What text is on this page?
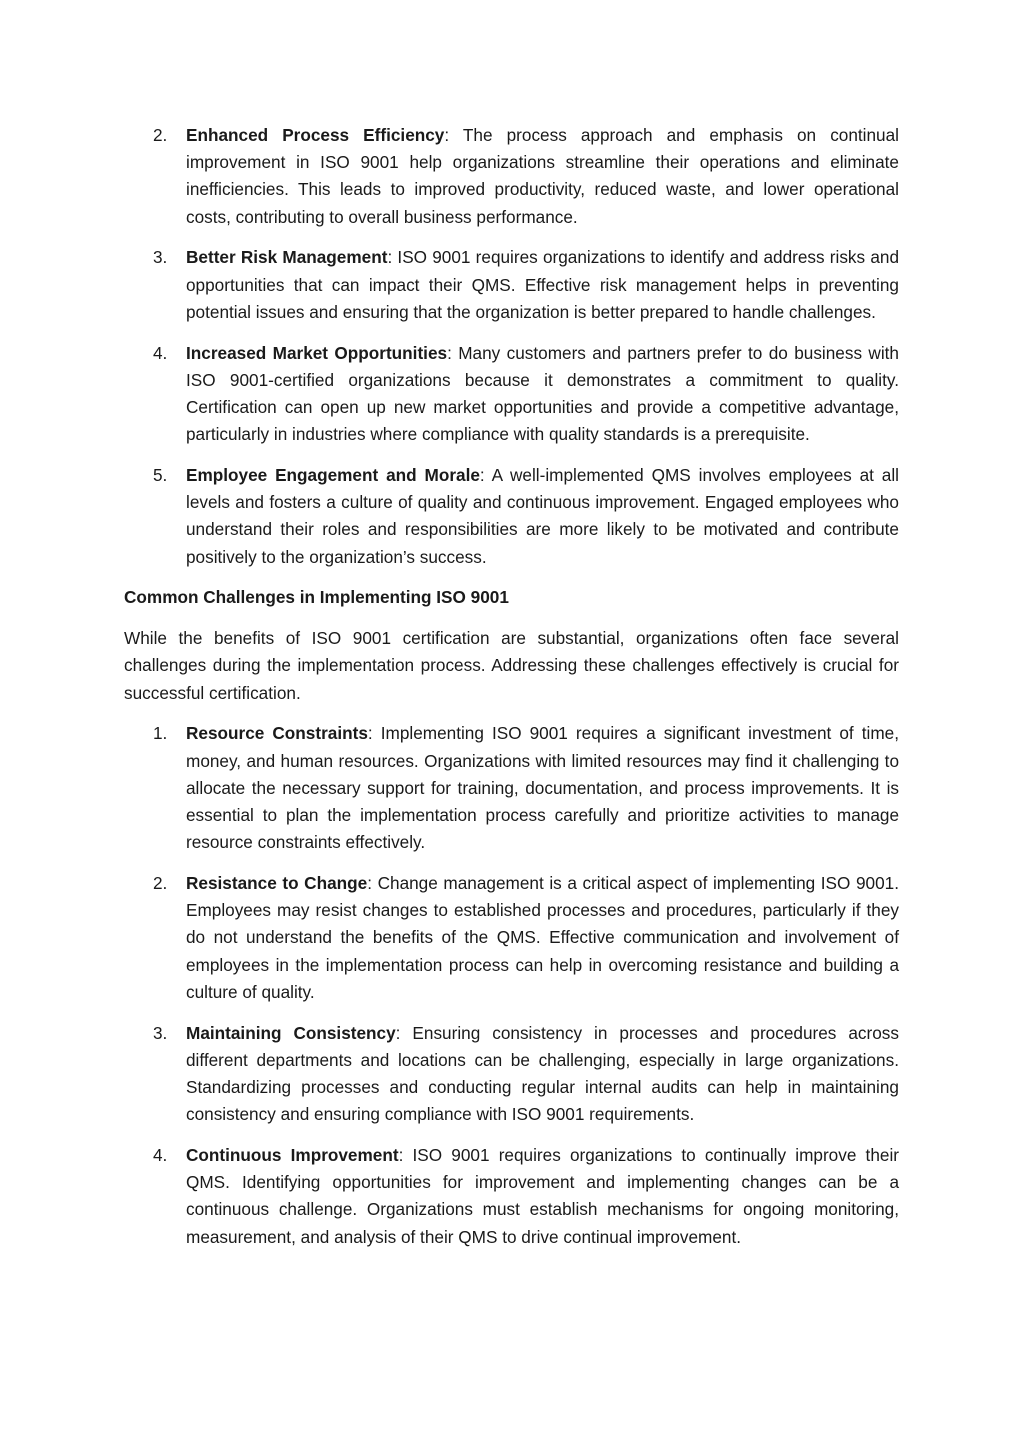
2.	Enhanced Process Efficiency: The process approach and emphasis on continual improvement in ISO 9001 help organizations streamline their operations and eliminate inefficiencies. This leads to improved productivity, reduced waste, and lower operational costs, contributing to overall business performance.
3.	Better Risk Management: ISO 9001 requires organizations to identify and address risks and opportunities that can impact their QMS. Effective risk management helps in preventing potential issues and ensuring that the organization is better prepared to handle challenges.
4.	Increased Market Opportunities: Many customers and partners prefer to do business with ISO 9001-certified organizations because it demonstrates a commitment to quality. Certification can open up new market opportunities and provide a competitive advantage, particularly in industries where compliance with quality standards is a prerequisite.
5.	Employee Engagement and Morale: A well-implemented QMS involves employees at all levels and fosters a culture of quality and continuous improvement. Engaged employees who understand their roles and responsibilities are more likely to be motivated and contribute positively to the organization’s success.
Common Challenges in Implementing ISO 9001

While the benefits of ISO 9001 certification are substantial, organizations often face several challenges during the implementation process. Addressing these challenges effectively is crucial for successful certification.

1.	Resource Constraints: Implementing ISO 9001 requires a significant investment of time, money, and human resources. Organizations with limited resources may find it challenging to allocate the necessary support for training, documentation, and process improvements. It is essential to plan the implementation process carefully and prioritize activities to manage resource constraints effectively.
2.	Resistance to Change: Change management is a critical aspect of implementing ISO 9001. Employees may resist changes to established processes and procedures, particularly if they do not understand the benefits of the QMS. Effective communication and involvement of employees in the implementation process can help in overcoming resistance and building a culture of quality.
3.	Maintaining Consistency: Ensuring consistency in processes and procedures across different departments and locations can be challenging, especially in large organizations. Standardizing processes and conducting regular internal audits can help in maintaining consistency and ensuring compliance with ISO 9001 requirements.
4.	Continuous Improvement: ISO 9001 requires organizations to continually improve their QMS. Identifying opportunities for improvement and implementing changes can be a continuous challenge. Organizations must establish mechanisms for ongoing monitoring, measurement, and analysis of their QMS to drive continual improvement.
